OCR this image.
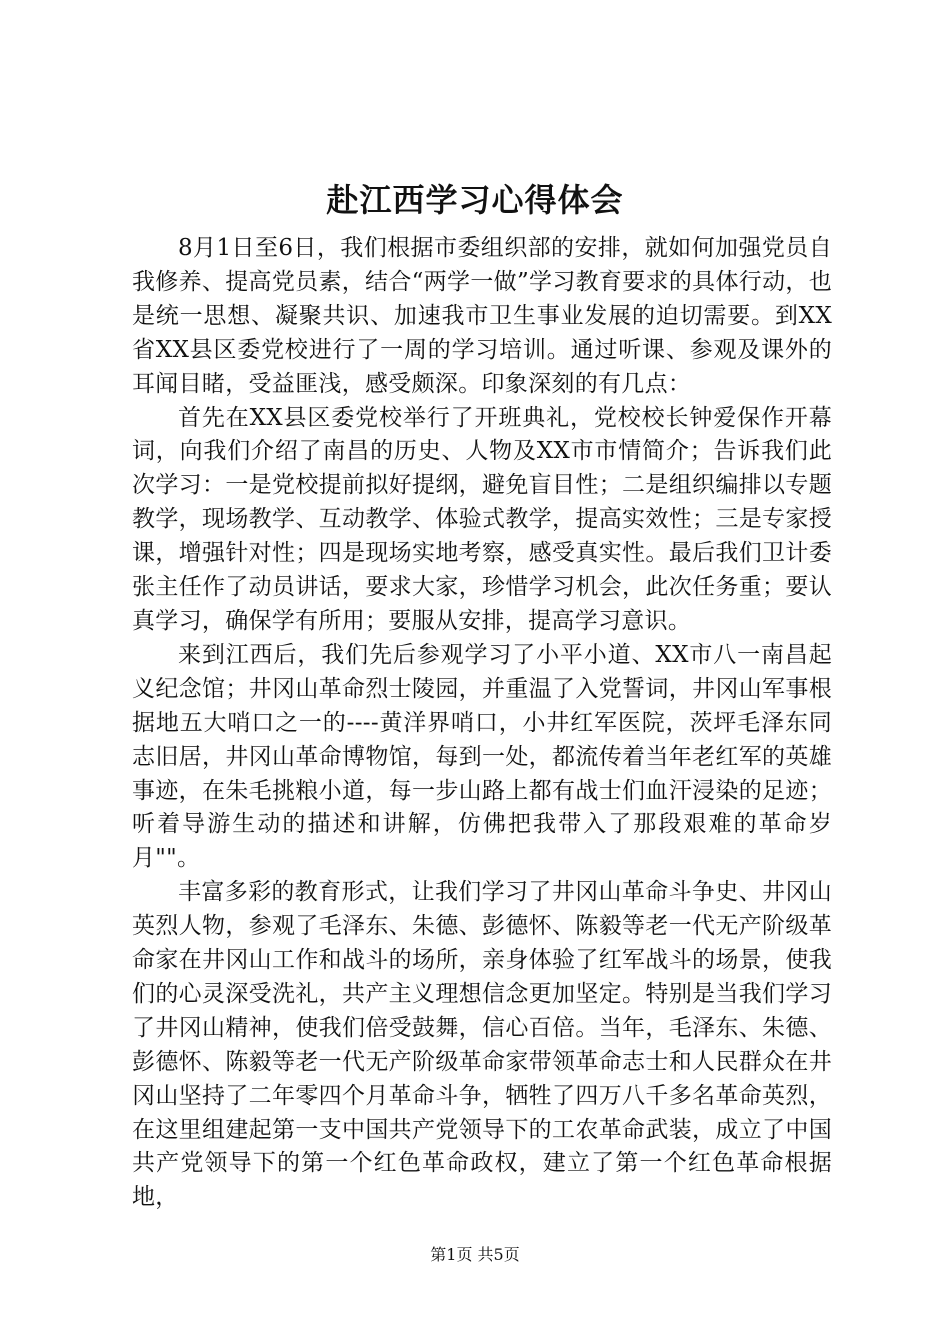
赴江西学习心得体会

8月1日至6日，我们根据市委组织部的安排，就如何加强党员自我修养、提高党员素，结合“两学一做”学习教育要求的具体行动，也是统一思想、凝聚共识、加速我市卫生事业发展的迫切需要。到XX省XX县区委党校进行了一周的学习培训。通过听课、参观及课外的耳闻目睹，受益匪浅，感受颇深。印象深刻的有几点：

首先在XX县区委党校举行了开班典礼，党校校长钟爱保作开幕词，向我们介绍了南昌的历史、人物及XX市市情简介；告诉我们此次学习：一是党校提前拟好提纲，避免盲目性；二是组织编排以专题教学，现场教学、互动教学、体验式教学，提高实效性；三是专家授课，增强针对性；四是现场实地考察，感受真实性。最后我们卫计委张主任作了动员讲话，要求大家，珍惜学习机会，此次任务重；要认真学习，确保学有所用；要服从安排，提高学习意识。

来到江西后，我们先后参观学习了小平小道、XX市八一南昌起义纪念馆；井冈山革命烈士陵园，并重温了入党誓词，井冈山军事根据地五大哨口之一的----黄洋界哨口，小井红军医院，茨坪毛泽东同志旧居，井冈山革命博物馆，每到一处，都流传着当年老红军的英雄事迹，在朱毛挑粮小道，每一步山路上都有战士们血汗浸染的足迹；听着导游生动的描述和讲解，仿佛把我带入了那段艰难的革命岁月""。

丰富多彩的教育形式，让我们学习了井冈山革命斗争史、井冈山英烈人物，参观了毛泽东、朱德、彭德怀、陈毅等老一代无产阶级革命家在井冈山工作和战斗的场所，亲身体验了红军战斗的场景，使我们的心灵深受洗礼，共产主义理想信念更加坚定。特别是当我们学习了井冈山精神，使我们倍受鼓舞，信心百倍。当年，毛泽东、朱德、彭德怀、陈毅等老一代无产阶级革命家带领革命志士和人民群众在井冈山坚持了二年零四个月革命斗争，牺牲了四万八千多名革命英烈，在这里组建起第一支中国共产党领导下的工农革命武装，成立了中国共产党领导下的第一个红色革命政权，建立了第一个红色革命根据地，

第1页 共5页
